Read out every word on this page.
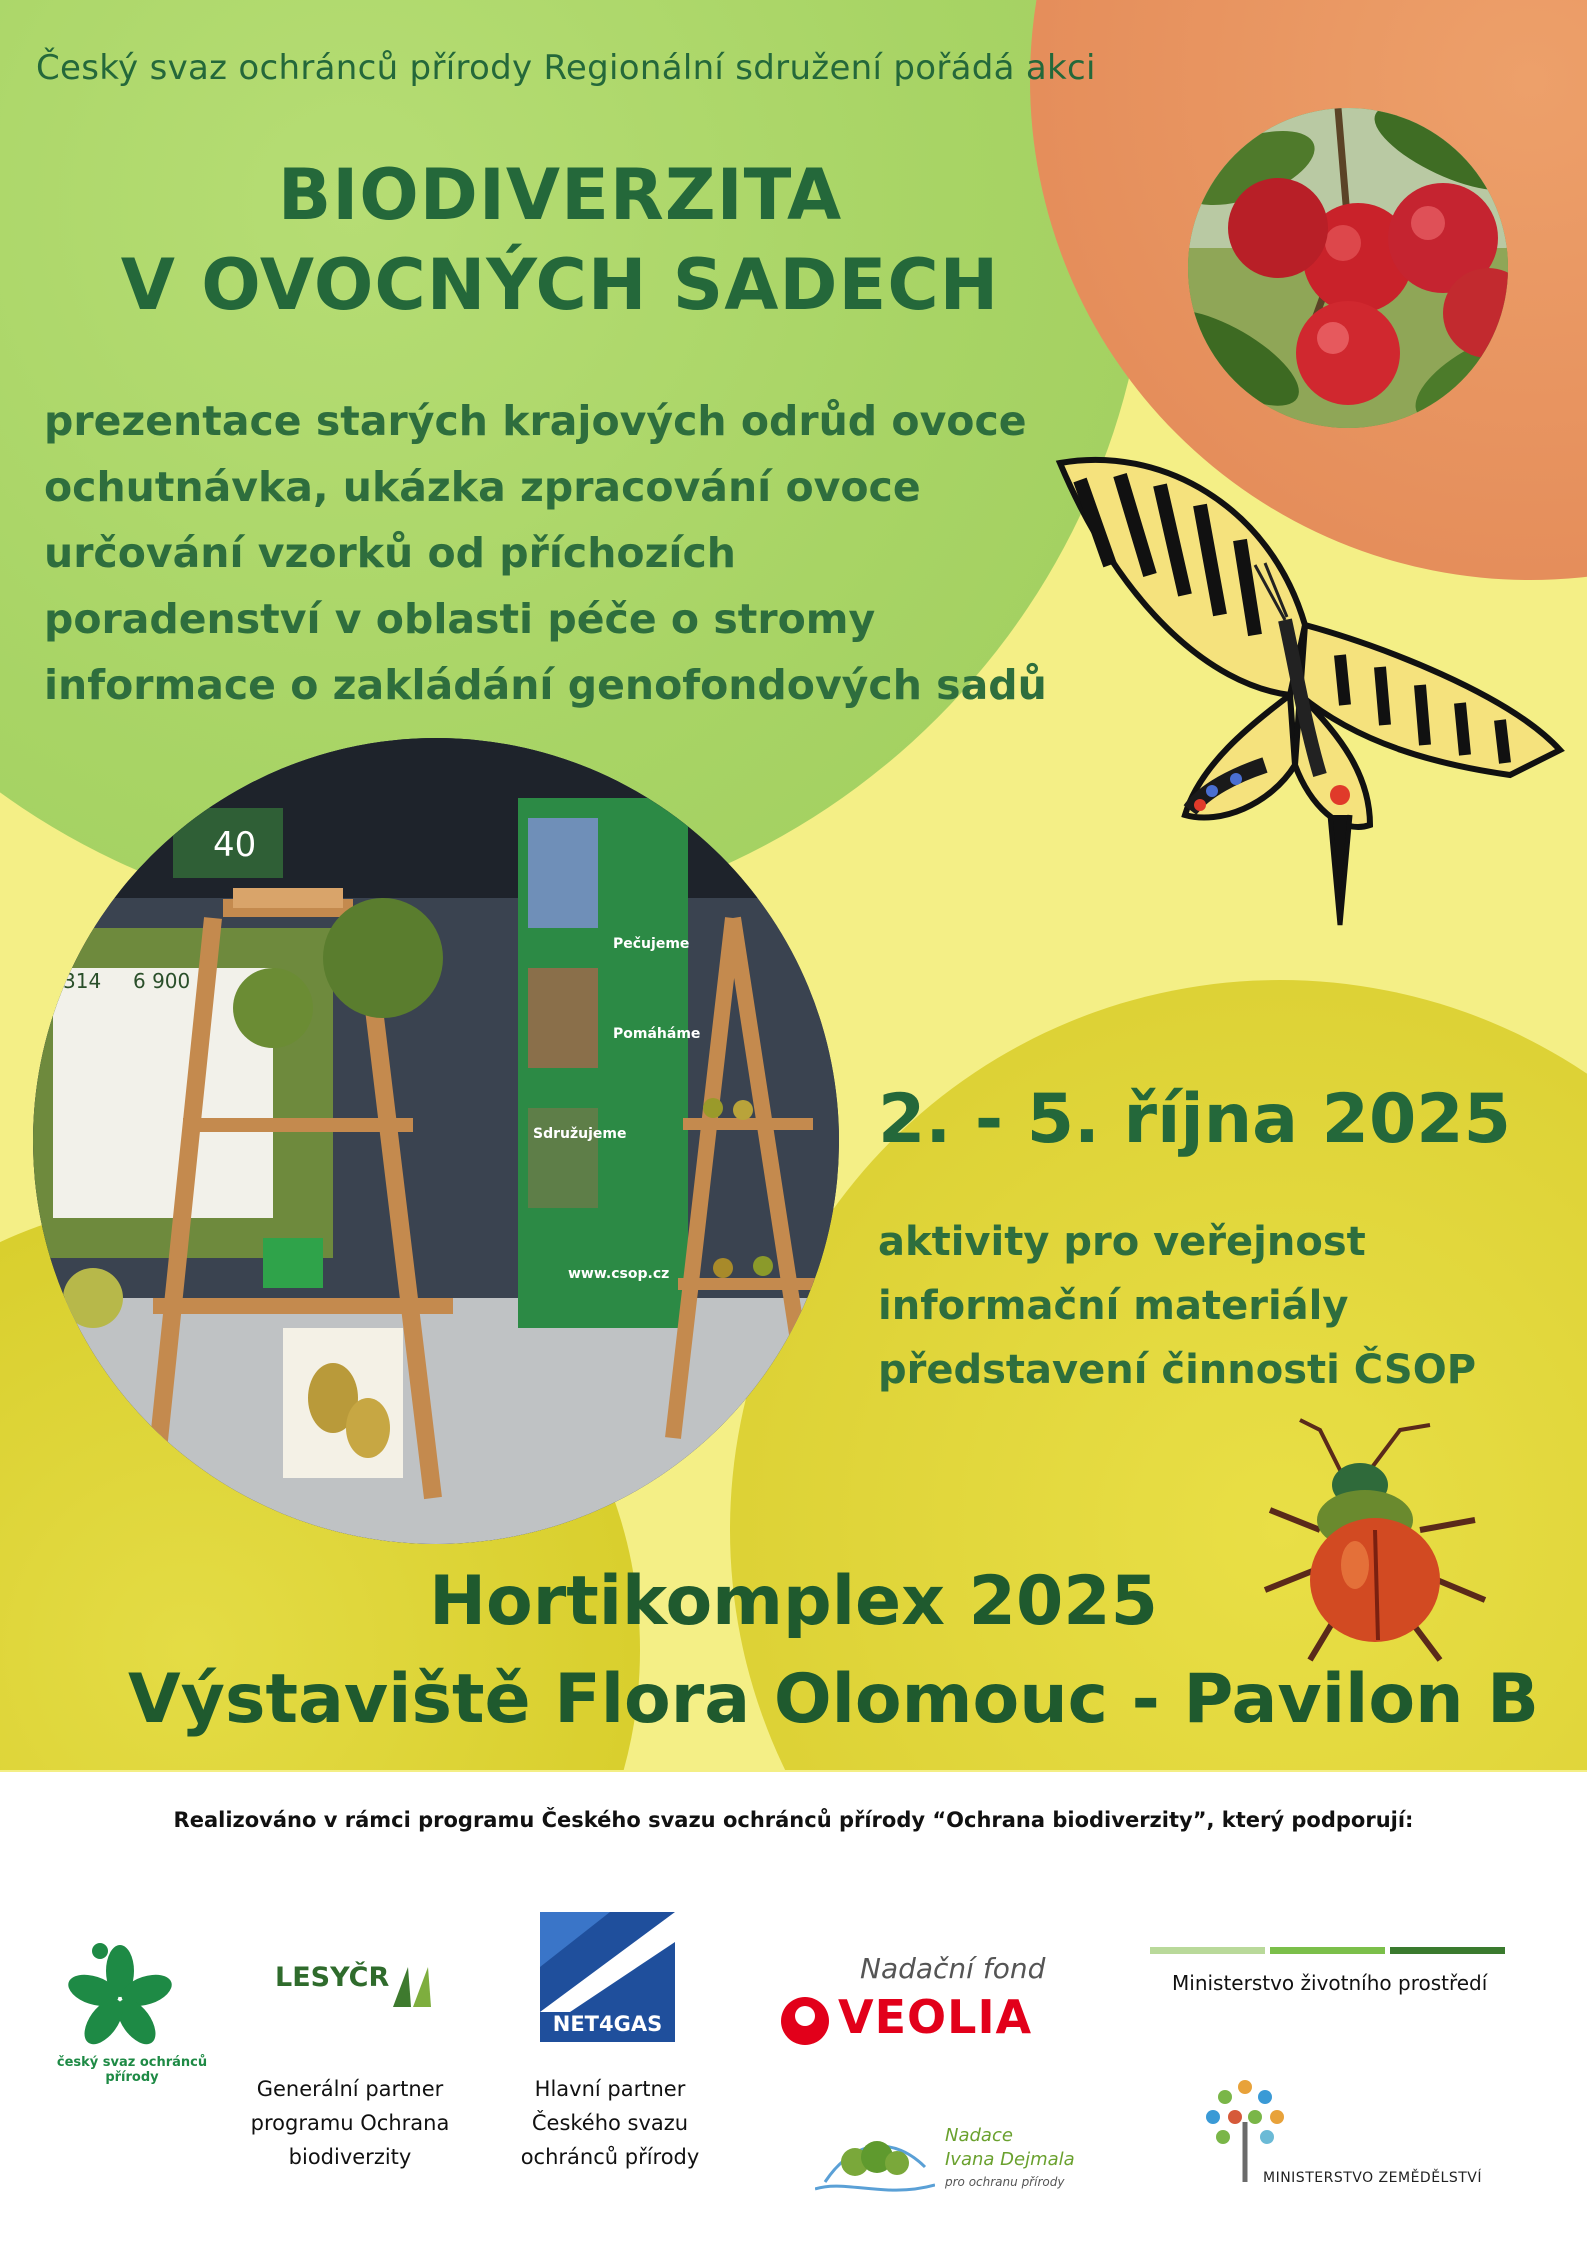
Český svaz ochránců přírody Regionální sdružení pořádá akci
BIODIVERZITA
V OVOCNÝCH SADECH
prezentace starých krajových odrůd ovoce
ochutnávka, ukázka zpracování ovoce
určování vzorků od příchozích
poradenství v oblasti péče o stromy
informace o zakládání genofondových sadů
314 6 900
40
Pečujeme
Pomáháme
Sdružujeme
www.csop.cz
2. - 5. října 2025
aktivity pro veřejnost
informační materiály
představení činnosti ČSOP
Hortikomplex 2025
Výstaviště Flora Olomouc - Pavilon B
Realizováno v rámci programu Českého svazu ochránců přírody “Ochrana biodiverzity”, který podporují:
český svaz ochránců přírody
LESYČR
Generální partner
programu Ochrana
biodiverzity
NET4GAS
Hlavní partner
Českého svazu
ochránců přírody
Nadační fond
VEOLIA
Ministerstvo životního prostředí
Nadace
Ivana Dejmala
pro ochranu přírody	MINISTERSTVO ZEMĚDĚLSTVÍ
